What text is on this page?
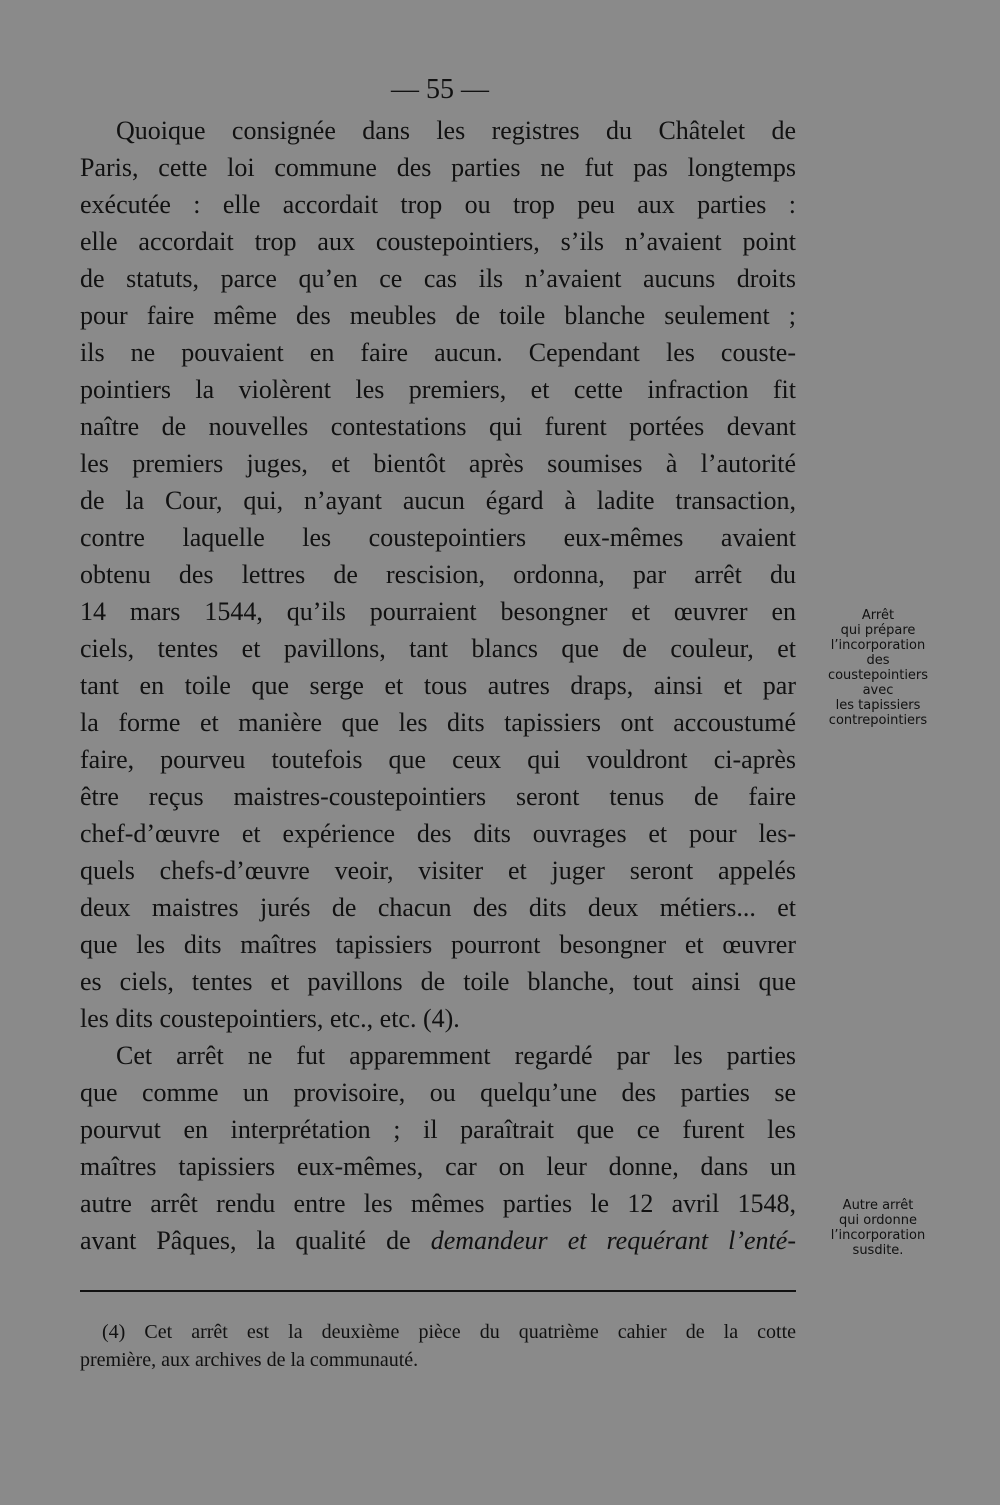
— 55 —
Quoique consignée dans les registres du Châtelet de
Paris, cette loi commune des parties ne fut pas longtemps
exécutée : elle accordait trop ou trop peu aux parties :
elle accordait trop aux coustepointiers, s’ils n’avaient point
de statuts, parce qu’en ce cas ils n’avaient aucuns droits
pour faire même des meubles de toile blanche seulement ;
ils ne pouvaient en faire aucun. Cependant les couste-
pointiers la violèrent les premiers, et cette infraction fit
naître de nouvelles contestations qui furent portées devant
les premiers juges, et bientôt après soumises à l’autorité
de la Cour, qui, n’ayant aucun égard à ladite transaction,
contre laquelle les coustepointiers eux-mêmes avaient
obtenu des lettres de rescision, ordonna, par arrêt du
14 mars 1544, qu’ils pourraient besongner et œuvrer en
ciels, tentes et pavillons, tant blancs que de couleur, et
tant en toile que serge et tous autres draps, ainsi et par
la forme et manière que les dits tapissiers ont accoustumé
faire, pourveu toutefois que ceux qui vouldront ci-après
être reçus maistres-coustepointiers seront tenus de faire
chef-d’œuvre et expérience des dits ouvrages et pour les-
quels chefs-d’œuvre veoir, visiter et juger seront appelés
deux maistres jurés de chacun des dits deux métiers... et
que les dits maîtres tapissiers pourront besongner et œuvrer
es ciels, tentes et pavillons de toile blanche, tout ainsi que
les dits coustepointiers, etc., etc. (4).
Cet arrêt ne fut apparemment regardé par les parties
que comme un provisoire, ou quelqu’une des parties se
pourvut en interprétation ; il paraîtrait que ce furent les
maîtres tapissiers eux-mêmes, car on leur donne, dans un
autre arrêt rendu entre les mêmes parties le 12 avril 1548,
avant Pâques, la qualité de demandeur et requérant l’enté-
Arrêt
qui prépare
l’incorporation
des
coustepointiers
avec
les tapissiers
contrepointiers
Autre arrêt
qui ordonne
l’incorporation
susdite.
(4) Cet arrêt est la deuxième pièce du quatrième cahier de la cotte
première, aux archives de la communauté.
